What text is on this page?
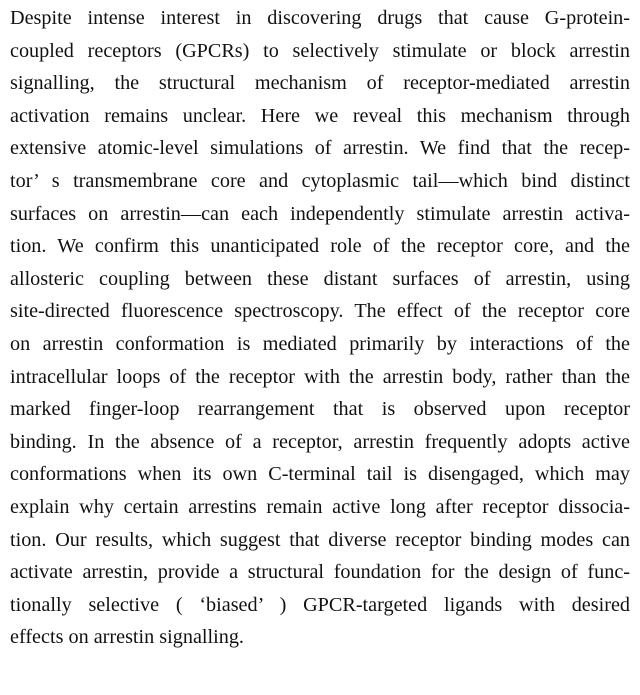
Despite intense interest in discovering drugs that cause G-protein-
coupled receptors (GPCRs) to selectively stimulate or block arrestin
signalling, the structural mechanism of receptor-mediated arrestin
activation remains unclear. Here we reveal this mechanism through
extensive atomic-level simulations of arrestin. We find that the recep-
tor’ s transmembrane core and cytoplasmic tail—which bind distinct
surfaces on arrestin—can each independently stimulate arrestin activa-
tion. We confirm this unanticipated role of the receptor core, and the
allosteric coupling between these distant surfaces of arrestin, using
site-directed fluorescence spectroscopy. The effect of the receptor core
on arrestin conformation is mediated primarily by interactions of the
intracellular loops of the receptor with the arrestin body, rather than the
marked finger-loop rearrangement that is observed upon receptor
binding. In the absence of a receptor, arrestin frequently adopts active
conformations when its own C-terminal tail is disengaged, which may
explain why certain arrestins remain active long after receptor dissocia-
tion. Our results, which suggest that diverse receptor binding modes can
activate arrestin, provide a structural foundation for the design of func-
tionally selective ( ‘biased’ ) GPCR-targeted ligands with desired
effects on arrestin signalling.
